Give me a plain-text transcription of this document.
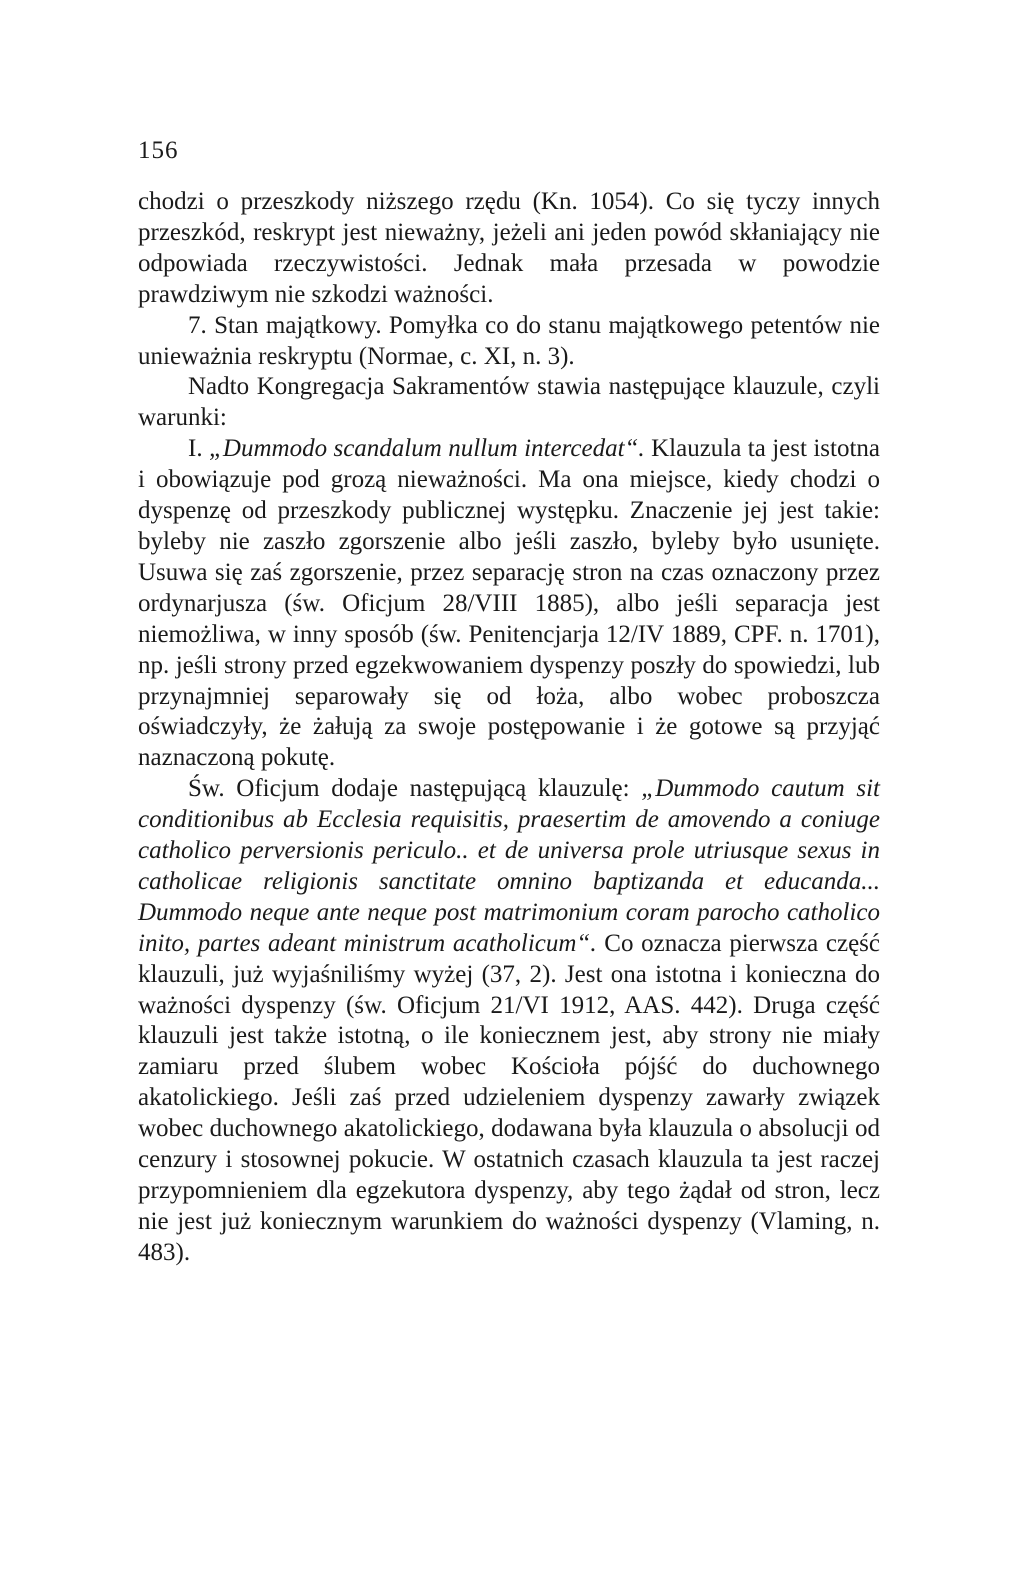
156

chodzi o przeszkody niższego rzędu (Kn. 1054). Co się tyczy innych przeszkód, reskrypt jest nieważny, jeżeli ani jeden powód skłaniający nie odpowiada rzeczywistości. Jednak mała przesada w powodzie prawdziwym nie szkodzi ważności.

7. Stan majątkowy. Pomyłka co do stanu majątkowego petentów nie unieważnia reskryptu (Normae, c. XI, n. 3).

Nadto Kongregacja Sakramentów stawia następujące klauzule, czyli warunki:

I. „Dummodo scandalum nullum intercedat“. Klauzula ta jest istotna i obowiązuje pod grozą nieważności. Ma ona miejsce, kiedy chodzi o dyspenzę od przeszkody publicznej występku. Znaczenie jej jest takie: byleby nie zaszło zgorszenie albo jeśli zaszło, byleby było usunięte. Usuwa się zaś zgorszenie, przez separację stron na czas oznaczony przez ordynarjusza (św. Oficjum 28/VIII 1885), albo jeśli separacja jest niemożliwa, w inny sposób (św. Penitencjarja 12/IV 1889, CPF. n. 1701), np. jeśli strony przed egzekwowaniem dyspenzy poszły do spowiedzi, lub przynajmniej separowały się od łoża, albo wobec proboszcza oświadczyły, że żałują za swoje postępowanie i że gotowe są przyjąć naznaczoną pokutę.

Św. Oficjum dodaje następującą klauzulę: „Dummodo cautum sit conditionibus ab Ecclesia requisitis, praesertim de amovendo a coniuge catholico perversionis periculo.. et de universa prole utriusque sexus in catholicae religionis sanctitate omnino baptizanda et educanda... Dummodo neque ante neque post matrimonium coram parocho catholico inito, partes adeant ministrum acatholicum“. Co oznacza pierwsza część klauzuli, już wyjaśniliśmy wyżej (37, 2). Jest ona istotna i konieczna do ważności dyspenzy (św. Oficjum 21/VI 1912, AAS. 442). Druga część klauzuli jest także istotną, o ile koniecznem jest, aby strony nie miały zamiaru przed ślubem wobec Kościoła pójść do duchownego akatolickiego. Jeśli zaś przed udzieleniem dyspenzy zawarły związek wobec duchownego akatolickiego, dodawana była klauzula o absolucji od cenzury i stosownej pokucie. W ostatnich czasach klauzula ta jest raczej przypomnieniem dla egzekutora dyspenzy, aby tego żądał od stron, lecz nie jest już koniecznym warunkiem do ważności dyspenzy (Vlaming, n. 483).
